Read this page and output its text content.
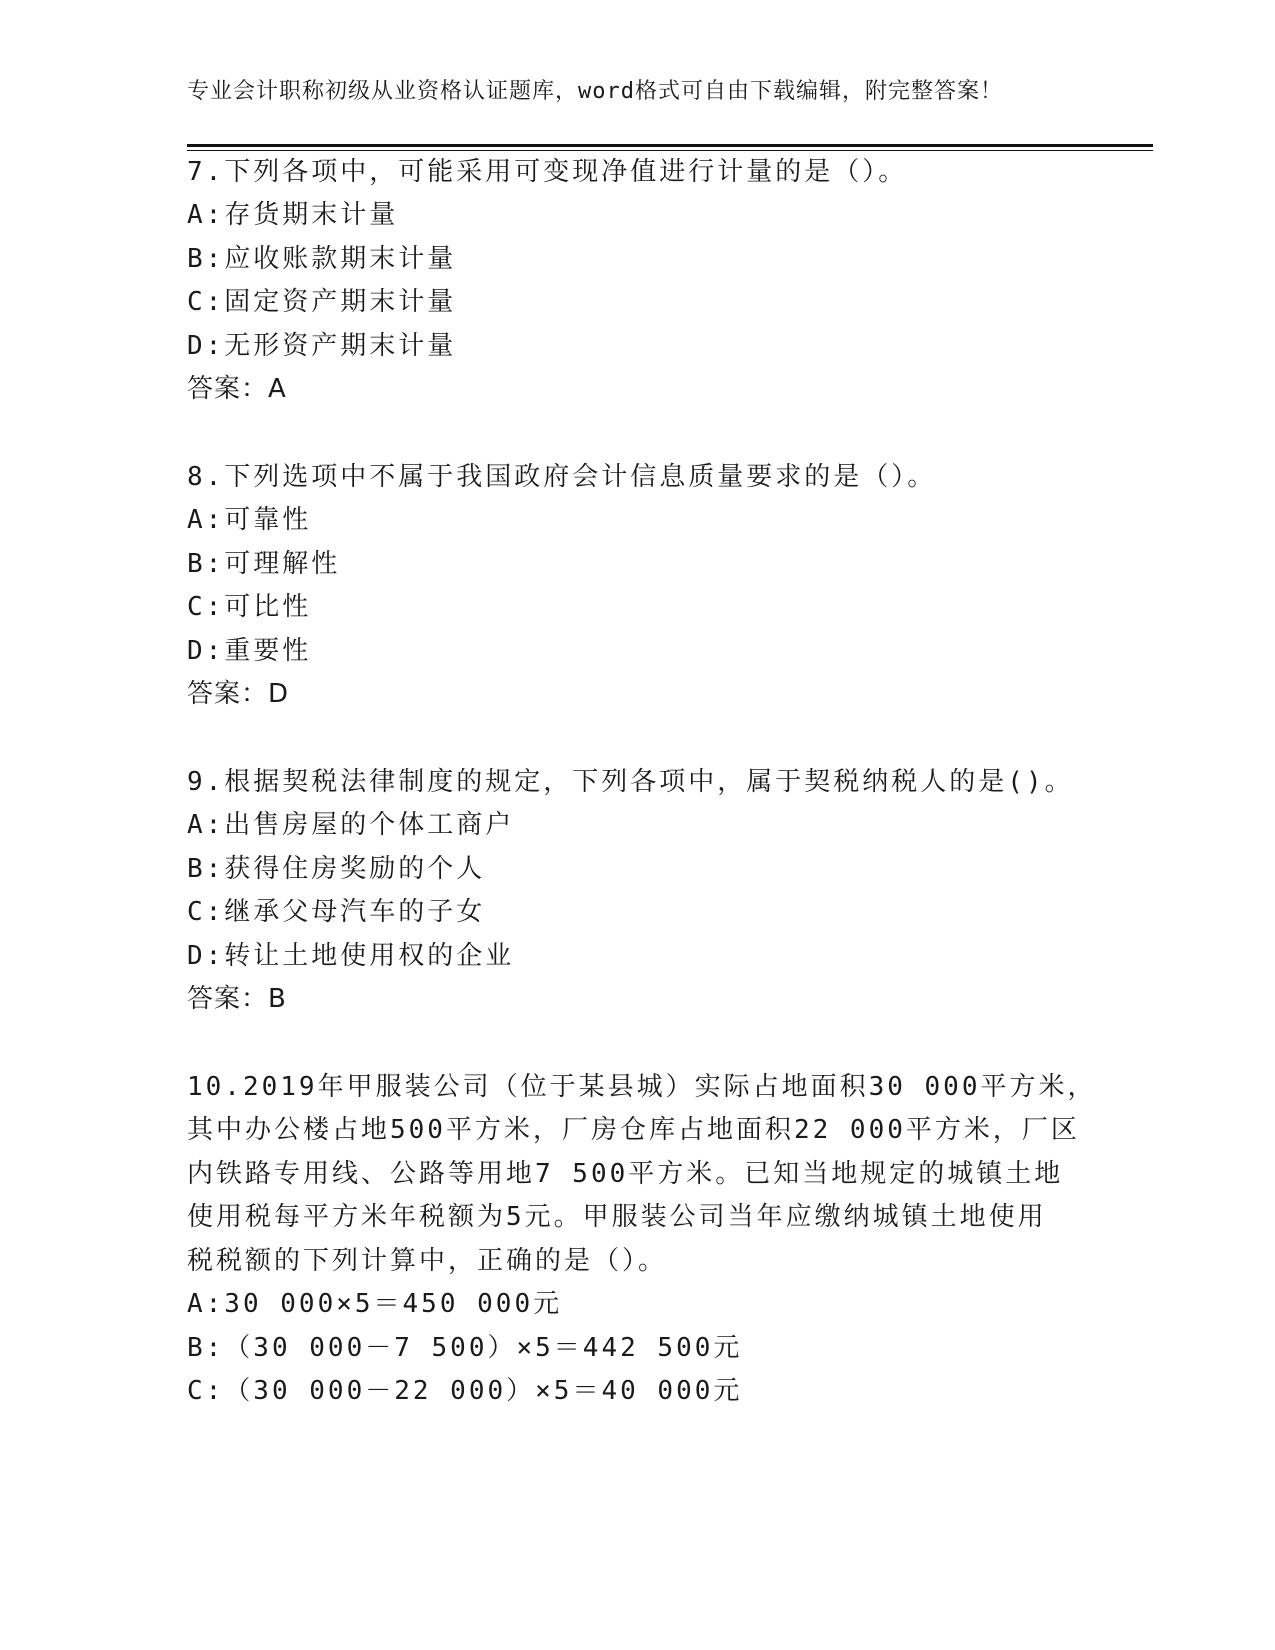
专业会计职称初级从业资格认证题库，word格式可自由下载编辑，附完整答案！
7.下列各项中，可能采用可变现净值进行计量的是（）。
A:存货期末计量
B:应收账款期末计量
C:固定资产期末计量
D:无形资产期末计量
答案：A
8.下列选项中不属于我国政府会计信息质量要求的是（）。
A:可靠性
B:可理解性
C:可比性
D:重要性
答案：D
9.根据契税法律制度的规定，下列各项中，属于契税纳税人的是()。
A:出售房屋的个体工商户
B:获得住房奖励的个人
C:继承父母汽车的子女
D:转让土地使用权的企业
答案：B
10.2019年甲服装公司（位于某县城）实际占地面积30 000平方米，
其中办公楼占地500平方米，厂房仓库占地面积22 000平方米，厂区
内铁路专用线、公路等用地7 500平方米。已知当地规定的城镇土地
使用税每平方米年税额为5元。甲服装公司当年应缴纳城镇土地使用
税税额的下列计算中，正确的是（）。
A:30 000×5＝450 000元
B:（30 000－7 500）×5＝442 500元
C:（30 000－22 000）×5＝40 000元
